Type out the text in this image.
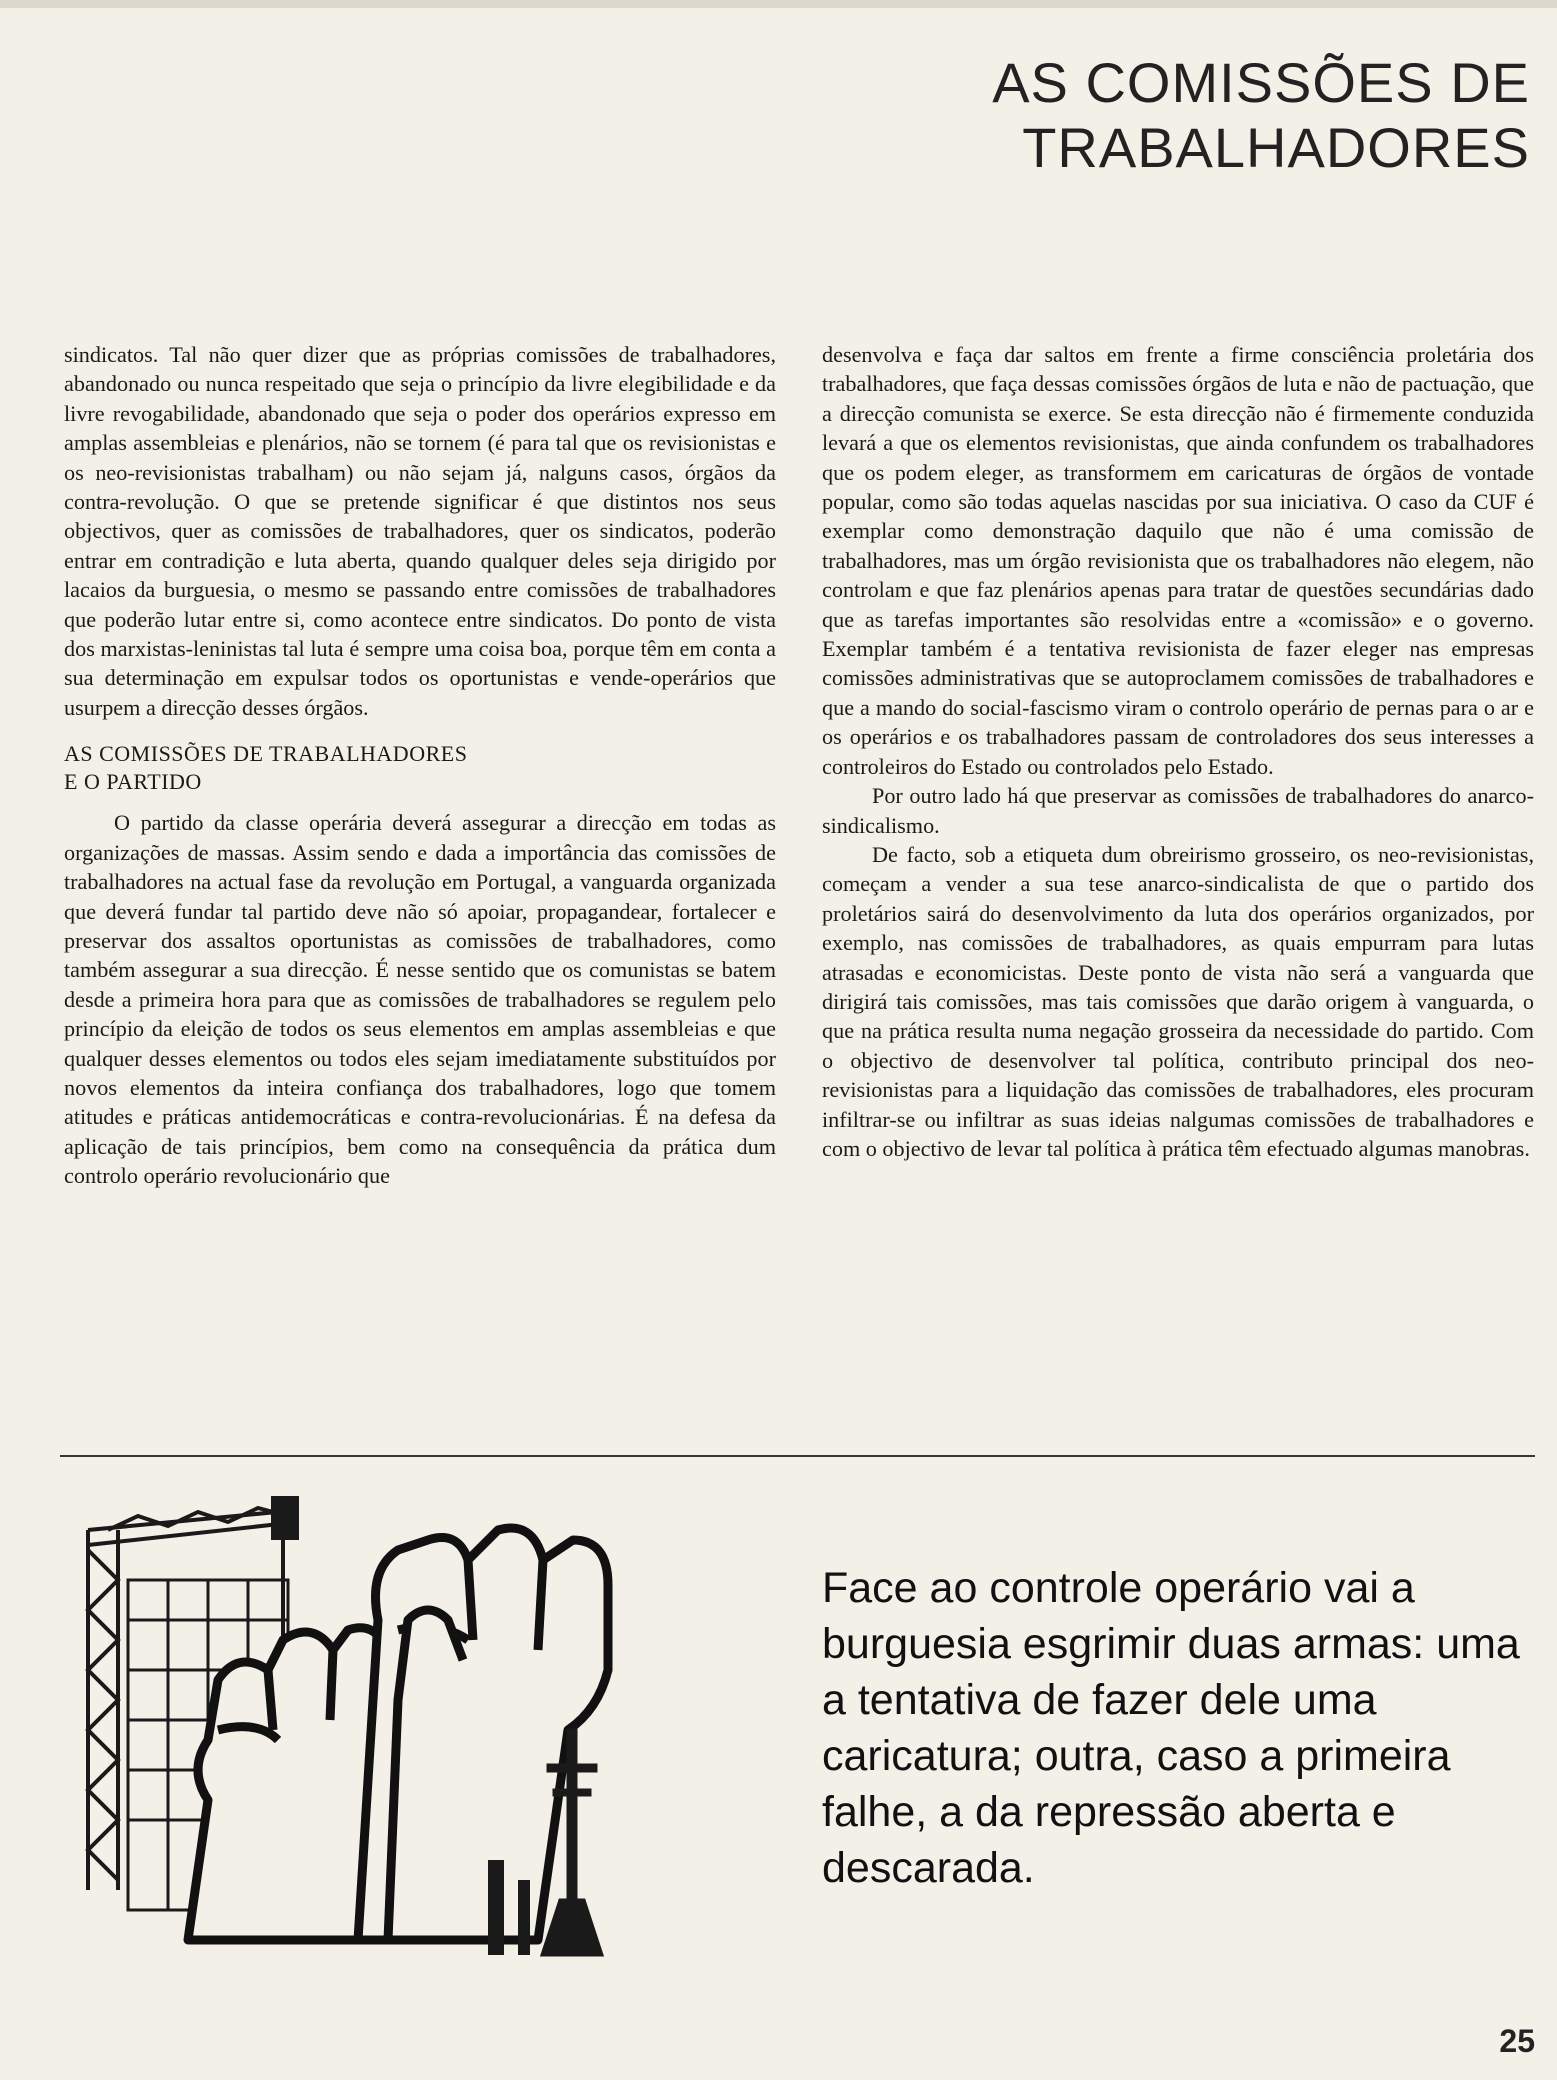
AS COMISSÕES DE TRABALHADORES

sindicatos. Tal não quer dizer que as próprias comissões de trabalhadores, abandonado ou nunca respeitado que seja o princípio da livre elegibilidade e da livre revogabilidade, abandonado que seja o poder dos operários expresso em amplas assembleias e plenários, não se tornem (é para tal que os revisionistas e os neo-revisionistas trabalham) ou não sejam já, nalguns casos, órgãos da contra-revolução. O que se pretende significar é que distintos nos seus objectivos, quer as comissões de trabalhadores, quer os sindicatos, poderão entrar em contradição e luta aberta, quando qualquer deles seja dirigido por lacaios da burguesia, o mesmo se passando entre comissões de trabalhadores que poderão lutar entre si, como acontece entre sindicatos. Do ponto de vista dos marxistas-leninistas tal luta é sempre uma coisa boa, porque têm em conta a sua determinação em expulsar todos os oportunistas e vende-operários que usurpem a direcção desses órgãos.

AS COMISSÕES DE TRABALHADORES
E O PARTIDO

O partido da classe operária deverá assegurar a direcção em todas as organizações de massas. Assim sendo e dada a importância das comissões de trabalhadores na actual fase da revolução em Portugal, a vanguarda organizada que deverá fundar tal partido deve não só apoiar, propagandear, fortalecer e preservar dos assaltos oportunistas as comissões de trabalhadores, como também assegurar a sua direcção. É nesse sentido que os comunistas se batem desde a primeira hora para que as comissões de trabalhadores se regulem pelo princípio da eleição de todos os seus elementos em amplas assembleias e que qualquer desses elementos ou todos eles sejam imediatamente substituídos por novos elementos da inteira confiança dos trabalhadores, logo que tomem atitudes e práticas antidemocráticas e contra-revolucionárias. É na defesa da aplicação de tais princípios, bem como na consequência da prática dum controlo operário revolucionário que

desenvolva e faça dar saltos em frente a firme consciência proletária dos trabalhadores, que faça dessas comissões órgãos de luta e não de pactuação, que a direcção comunista se exerce. Se esta direcção não é firmemente conduzida levará a que os elementos revisionistas, que ainda confundem os trabalhadores que os podem eleger, as transformem em caricaturas de órgãos de vontade popular, como são todas aquelas nascidas por sua iniciativa. O caso da CUF é exemplar como demonstração daquilo que não é uma comissão de trabalhadores, mas um órgão revisionista que os trabalhadores não elegem, não controlam e que faz plenários apenas para tratar de questões secundárias dado que as tarefas importantes são resolvidas entre a «comissão» e o governo. Exemplar também é a tentativa revisionista de fazer eleger nas empresas comissões administrativas que se autoproclamem comissões de trabalhadores e que a mando do social-fascismo viram o controlo operário de pernas para o ar e os operários e os trabalhadores passam de controladores dos seus interesses a controleiros do Estado ou controlados pelo Estado.

Por outro lado há que preservar as comissões de trabalhadores do anarco-sindicalismo.

De facto, sob a etiqueta dum obreirismo grosseiro, os neo-revisionistas, começam a vender a sua tese anarco-sindicalista de que o partido dos proletários sairá do desenvolvimento da luta dos operários organizados, por exemplo, nas comissões de trabalhadores, as quais empurram para lutas atrasadas e economicistas. Deste ponto de vista não será a vanguarda que dirigirá tais comissões, mas tais comissões que darão origem à vanguarda, o que na prática resulta numa negação grosseira da necessidade do partido. Com o objectivo de desenvolver tal política, contributo principal dos neo-revisionistas para a liquidação das comissões de trabalhadores, eles procuram infiltrar-se ou infiltrar as suas ideias nalgumas comissões de trabalhadores e com o objectivo de levar tal política à prática têm efectuado algumas manobras.

Face ao controle operário vai a burguesia esgrimir duas armas: uma a tentativa de fazer dele uma caricatura; outra, caso a primeira falhe, a da repressão aberta e descarada.

25
